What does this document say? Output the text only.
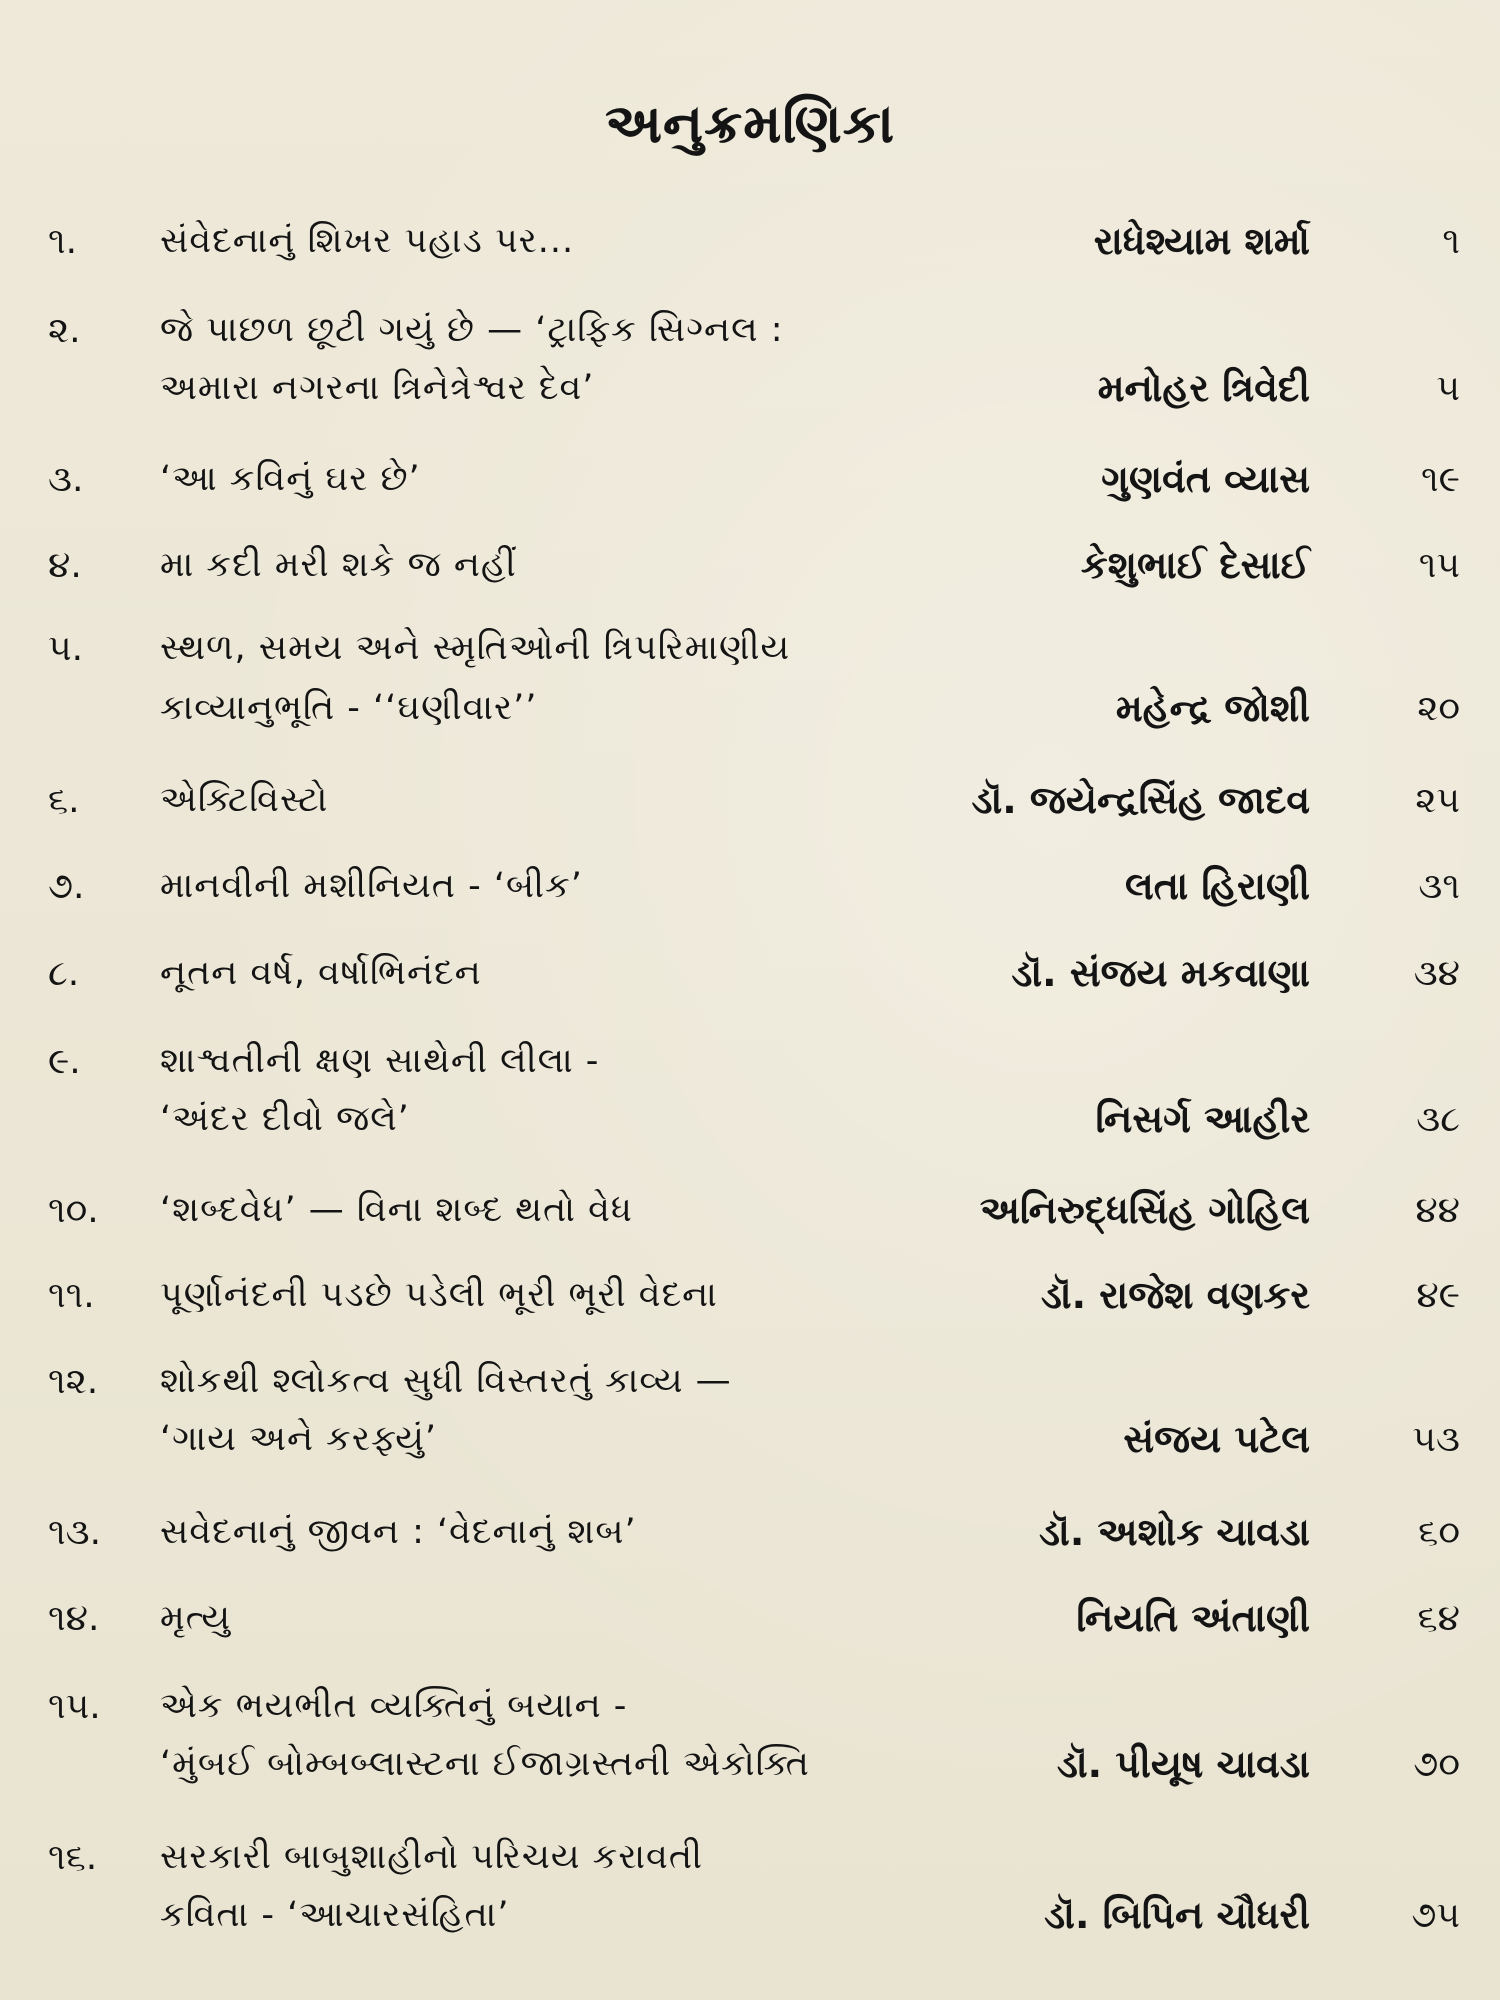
અનુક્રમણિકા
૧. સંવેદનાનું શિખર પહાડ પર...	રાધેશ્યામ શર્મા	૧
૨. જે પાછળ છૂટી ગયું છે — ‘ટ્રાફિક સિગ્નલ :
અમારા નગરના ત્રિનેત્રેશ્વર દેવ’	મનોહર ત્રિવેદી	૫
૩. ‘આ કવિનું ઘર છે’	ગુણવંત વ્યાસ	૧૯
૪. મા કદી મરી શકે જ નહીં	કેશુભાઈ દેસાઈ	૧૫
૫. સ્થળ, સમય અને સ્મૃતિઓની ત્રિપરિમાણીય
કાવ્યાનુભૂતિ - ‘‘ઘણીવાર’’	મહેન્દ્ર જોશી	૨૦
૬. એક્ટિવિસ્ટો	ડૉ. જયેન્દ્રસિંહ જાદવ	૨૫
૭. માનવીની મશીનિયત - ‘બીક’	લતા હિરાણી	૩૧
૮. નૂતન વર્ષ, વર્ષાભિનંદન	ડૉ. સંજય મકવાણા	૩૪
૯. શાશ્વતીની ક્ષણ સાથેની લીલા -
‘અંદર દીવો જલે’	નિસર્ગ આહીર	૩૮
૧૦. ‘શબ્દવેધ’ — વિના શબ્દ થતો વેધ	અનિરુદ્ધસિંહ ગોહિલ	૪૪
૧૧. પૂર્ણાનંદની પડછે પડેલી ભૂરી ભૂરી વેદના	ડૉ. રાજેશ વણકર	૪૯
૧૨. શોકથી શ્લોકત્વ સુધી વિસ્તરતું કાવ્ય —
‘ગાય અને કરફ્યું’	સંજય પટેલ	૫૩
૧૩. સવેદનાનું જીવન : ‘વેદનાનું શબ’	ડૉ. અશોક ચાવડા	૬૦
૧૪. મૃત્યુ	નિયતિ અંતાણી	૬૪
૧૫. એક ભયભીત વ્યક્તિનું બયાન -
‘મુંબઈ બોમ્બબ્લાસ્ટના ઈજાગ્રસ્તની એકોક્તિ	ડૉ. પીયૂષ ચાવડા	૭૦
૧૬. સરકારી બાબુશાહીનો પરિચય કરાવતી
કવિતા - ‘આચારસંહિતા’	ડૉ. બિપિન ચૌધરી	૭૫
